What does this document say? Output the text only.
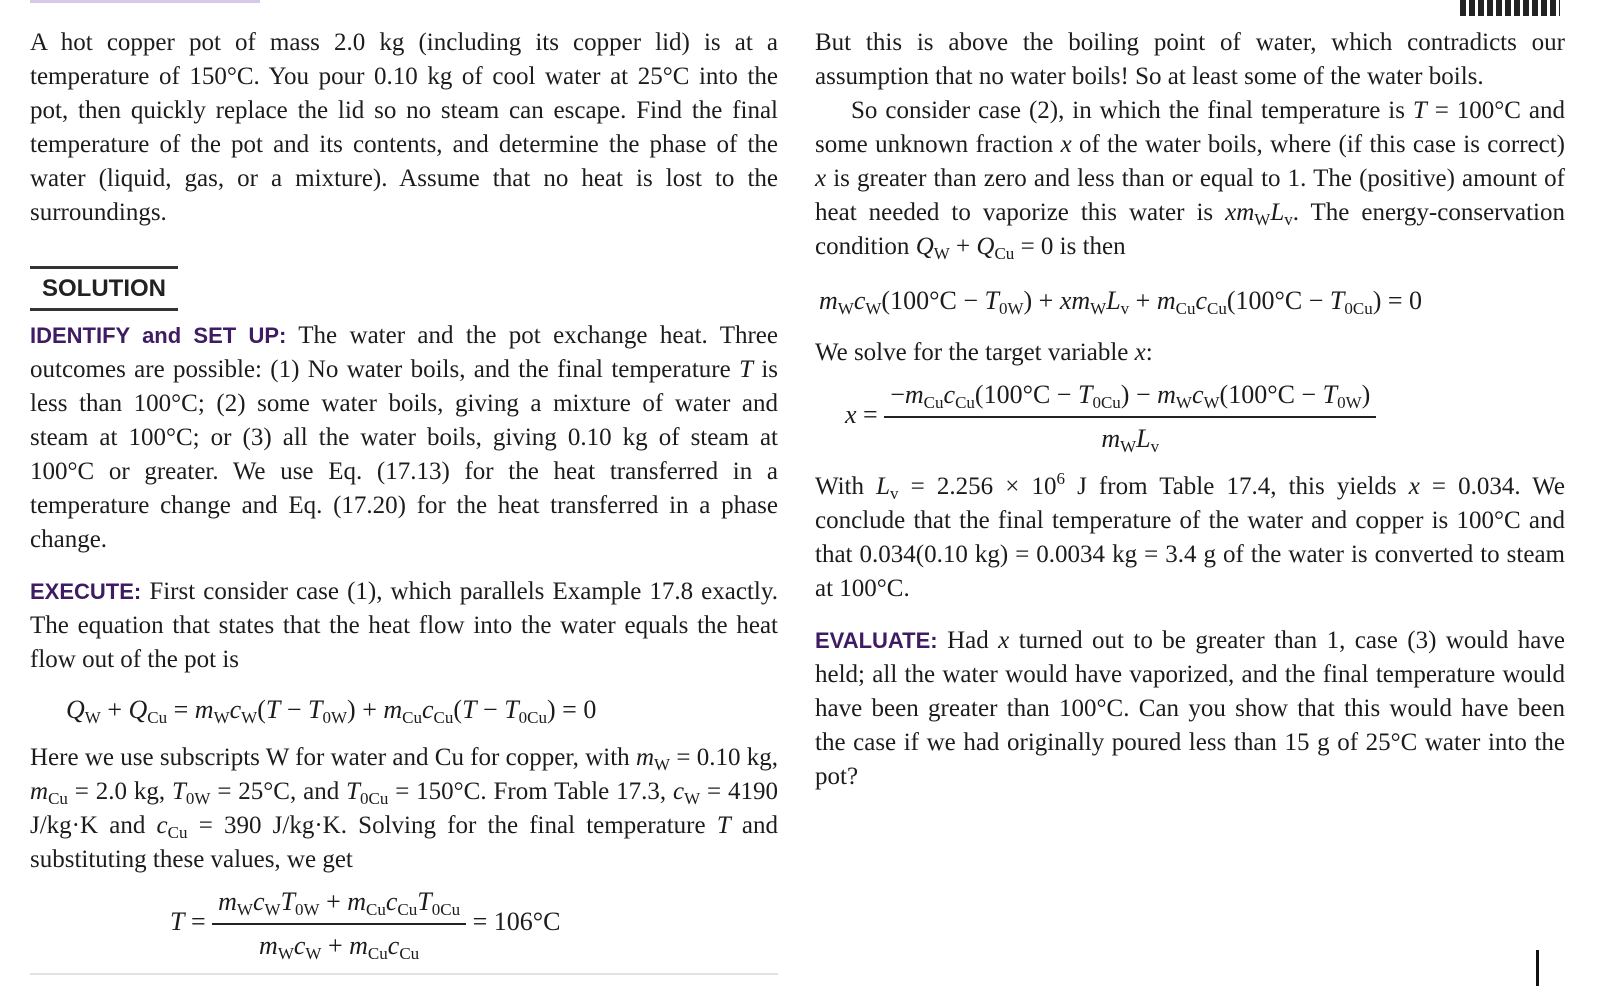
A hot copper pot of mass 2.0 kg (including its copper lid) is at a temperature of 150°C. You pour 0.10 kg of cool water at 25°C into the pot, then quickly replace the lid so no steam can escape. Find the final temperature of the pot and its contents, and determine the phase of the water (liquid, gas, or a mixture). Assume that no heat is lost to the surroundings.

SOLUTION

IDENTIFY and SET UP: The water and the pot exchange heat. Three outcomes are possible: (1) No water boils, and the final temperature T is less than 100°C; (2) some water boils, giving a mixture of water and steam at 100°C; or (3) all the water boils, giving 0.10 kg of steam at 100°C or greater. We use Eq. (17.13) for the heat transferred in a temperature change and Eq. (17.20) for the heat transferred in a phase change.

EXECUTE: First consider case (1), which parallels Example 17.8 exactly. The equation that states that the heat flow into the water equals the heat flow out of the pot is

$Q_W + Q_{Cu} = m_Wc_W(T - T_{0W}) + m_{Cu}c_{Cu}(T - T_{0Cu}) = 0$

Here we use subscripts W for water and Cu for copper, with $m_W = 0.10$ kg, $m_{Cu} = 2.0$ kg, $T_{0W} = 25^\circ C$, and $T_{0Cu} = 150^\circ C$. From Table 17.3, $c_W = 4190$ J/kg·K and $c_{Cu} = 390$ J/kg·K. Solving for the final temperature T and substituting these values, we get

$T = \frac{m_Wc_WT_{0W} + m_{Cu}c_{Cu}T_{0Cu}}{m_Wc_W + m_{Cu}c_{Cu}} = 106^\circ C$

But this is above the boiling point of water, which contradicts our assumption that no water boils! So at least some of the water boils.

So consider case (2), in which the final temperature is T = 100°C and some unknown fraction x of the water boils, where (if this case is correct) x is greater than zero and less than or equal to 1. The (positive) amount of heat needed to vaporize this water is $xm_WL_v$. The energy-conservation condition $Q_W + Q_{Cu} = 0$ is then

$m_Wc_W(100^\circ C - T_{0W}) + xm_WL_v + m_{Cu}c_{Cu}(100^\circ C - T_{0Cu}) = 0$

We solve for the target variable x:

$x = \frac{-m_{Cu}c_{Cu}(100^\circ C - T_{0Cu}) - m_Wc_W(100^\circ C - T_{0W})}{m_WL_v}$

With $L_v = 2.256 \times 10^6$ J from Table 17.4, this yields x = 0.034. We conclude that the final temperature of the water and copper is 100°C and that 0.034(0.10 kg) = 0.0034 kg = 3.4 g of the water is converted to steam at 100°C.

EVALUATE: Had x turned out to be greater than 1, case (3) would have held; all the water would have vaporized, and the final temperature would have been greater than 100°C. Can you show that this would have been the case if we had originally poured less than 15 g of 25°C water into the pot?
